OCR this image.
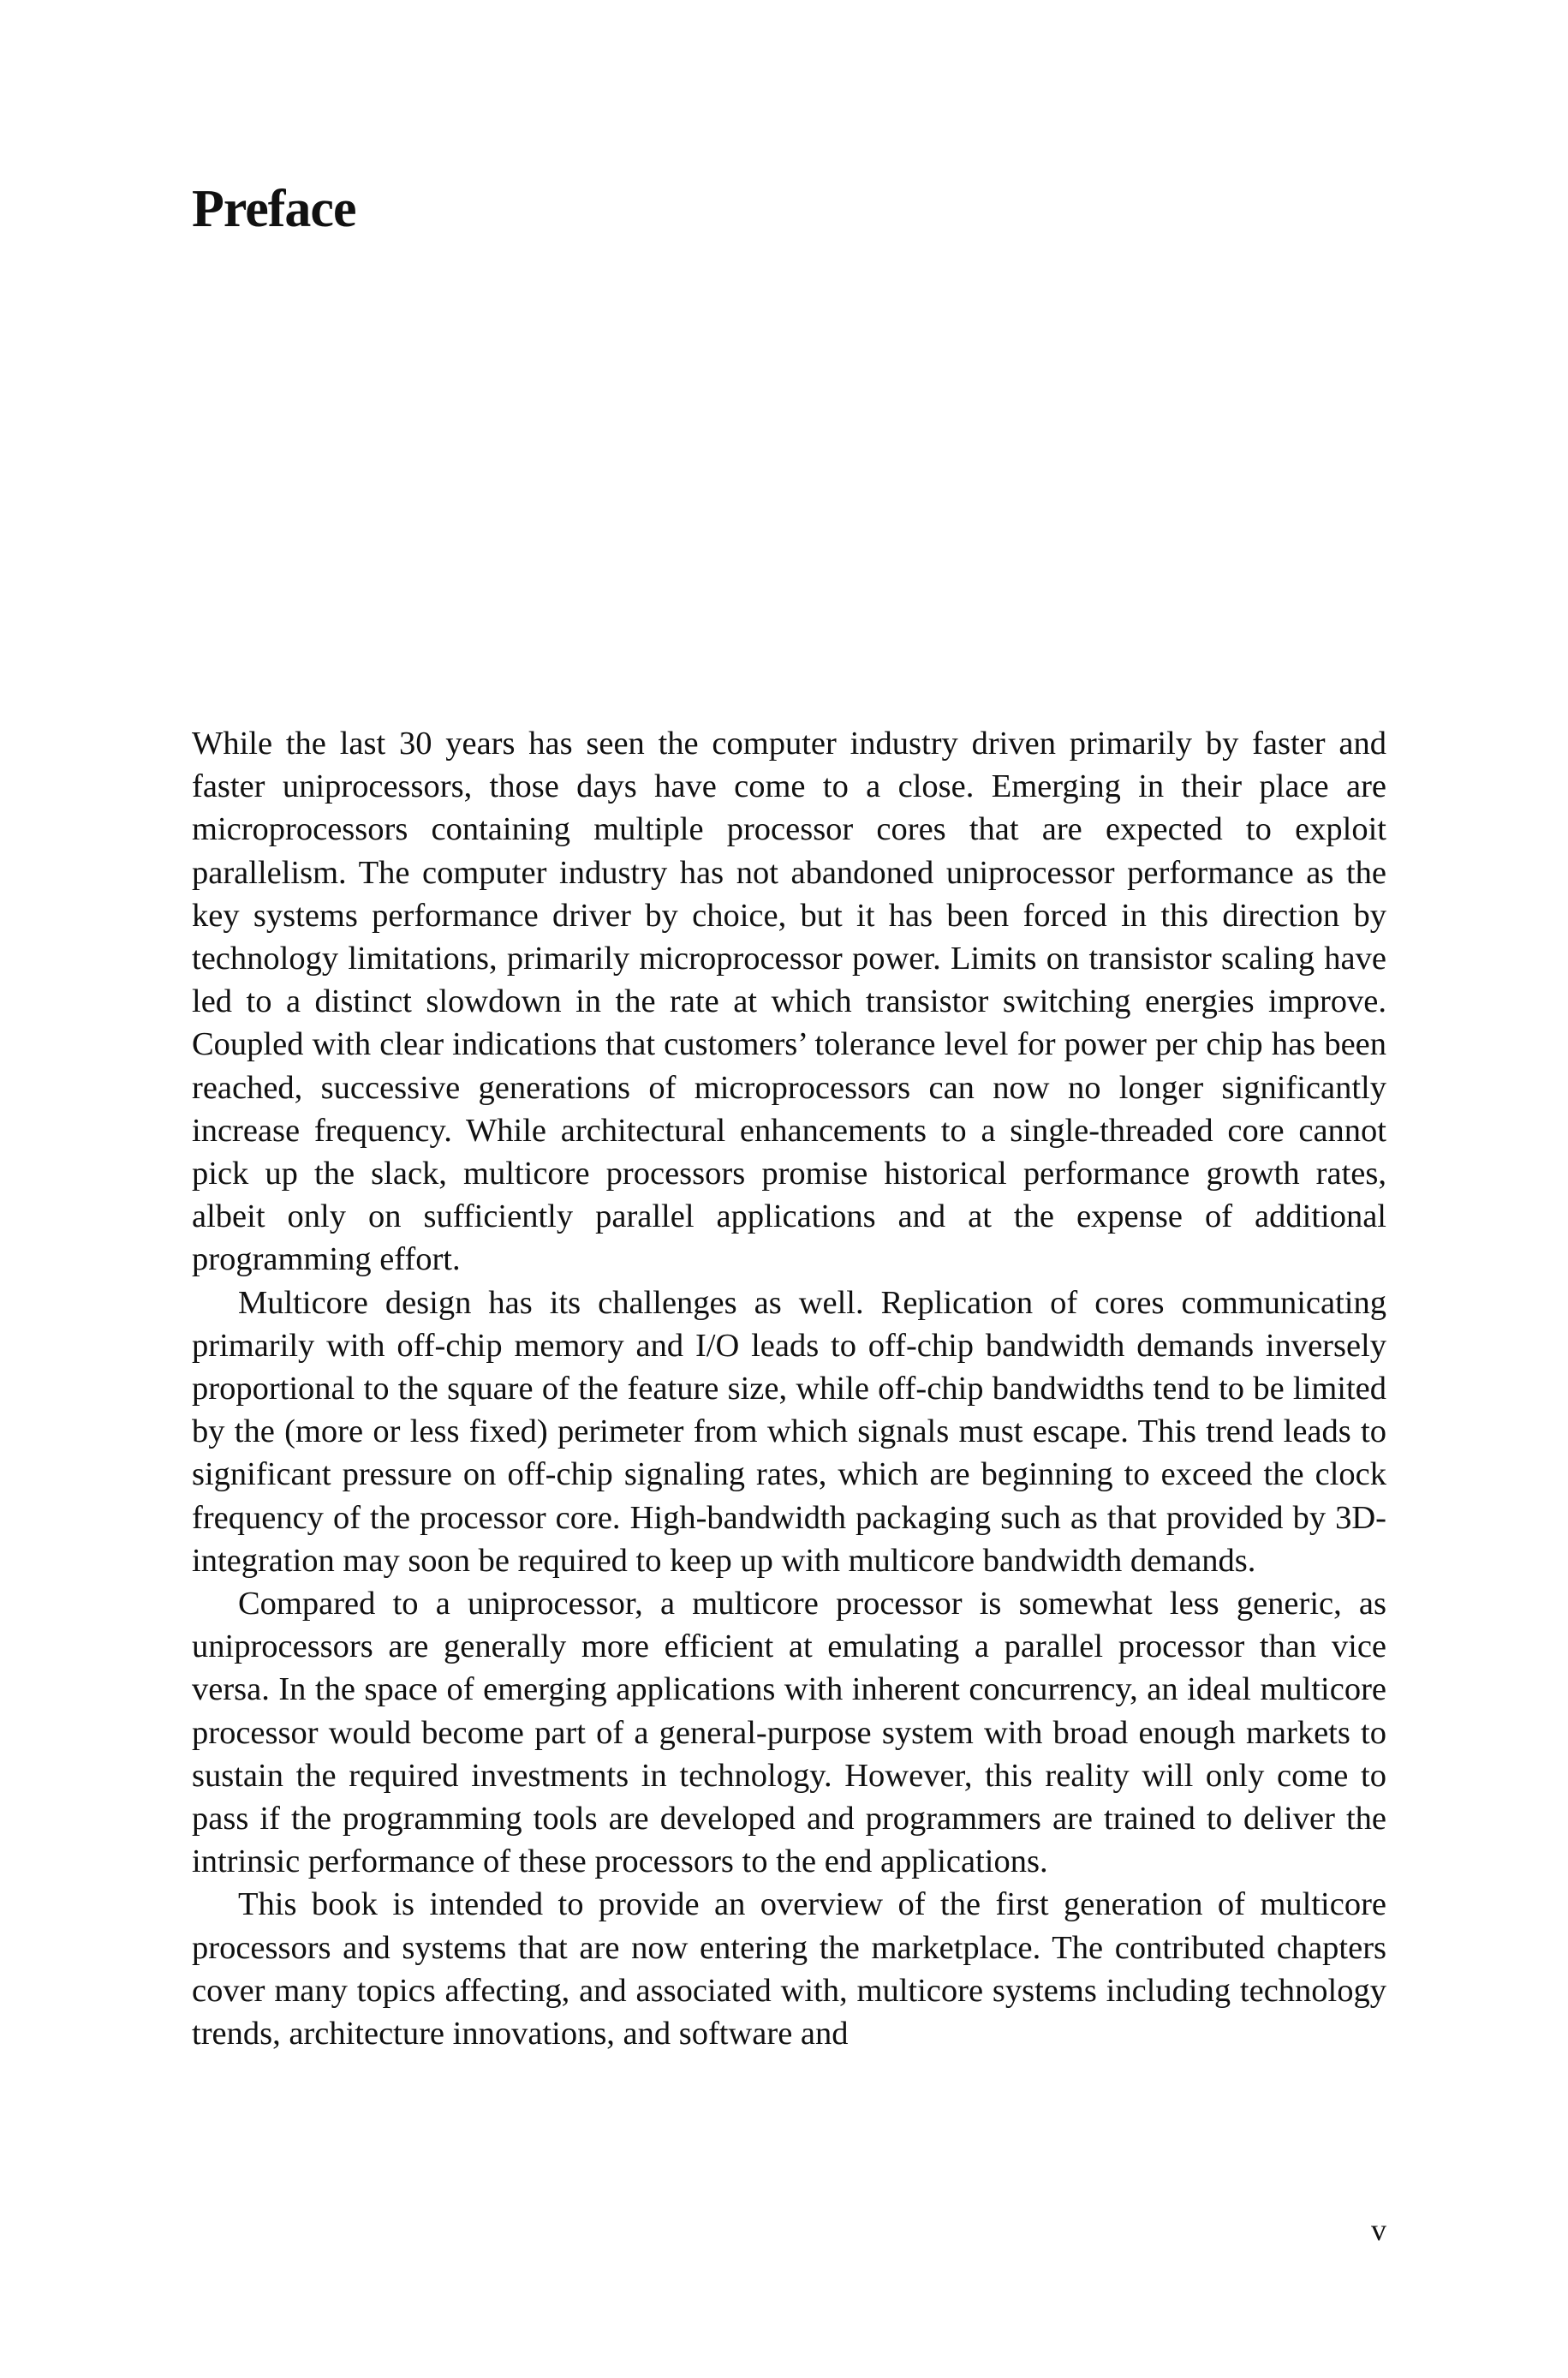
Preface

While the last 30 years has seen the computer industry driven primarily by faster and faster uniprocessors, those days have come to a close. Emerging in their place are microprocessors containing multiple processor cores that are expected to exploit parallelism. The computer industry has not abandoned uniprocessor performance as the key systems performance driver by choice, but it has been forced in this direction by technology limitations, primarily microprocessor power. Limits on transistor scaling have led to a distinct slowdown in the rate at which transistor switching energies improve. Coupled with clear indications that customers’ tolerance level for power per chip has been reached, successive generations of microprocessors can now no longer significantly increase frequency. While architectural enhancements to a single-threaded core cannot pick up the slack, multicore processors promise historical performance growth rates, albeit only on sufficiently parallel applications and at the expense of additional programming effort.

Multicore design has its challenges as well. Replication of cores communicating primarily with off-chip memory and I/O leads to off-chip bandwidth demands inversely proportional to the square of the feature size, while off-chip bandwidths tend to be limited by the (more or less fixed) perimeter from which signals must escape. This trend leads to significant pressure on off-chip signaling rates, which are beginning to exceed the clock frequency of the processor core. High-bandwidth packaging such as that provided by 3D-integration may soon be required to keep up with multicore bandwidth demands.

Compared to a uniprocessor, a multicore processor is somewhat less generic, as uniprocessors are generally more efficient at emulating a parallel processor than vice versa. In the space of emerging applications with inherent concurrency, an ideal multicore processor would become part of a general-purpose system with broad enough markets to sustain the required investments in technology. However, this reality will only come to pass if the programming tools are developed and programmers are trained to deliver the intrinsic performance of these processors to the end applications.

This book is intended to provide an overview of the first generation of multicore processors and systems that are now entering the marketplace. The contributed chapters cover many topics affecting, and associated with, multicore systems including technology trends, architecture innovations, and software and

v
